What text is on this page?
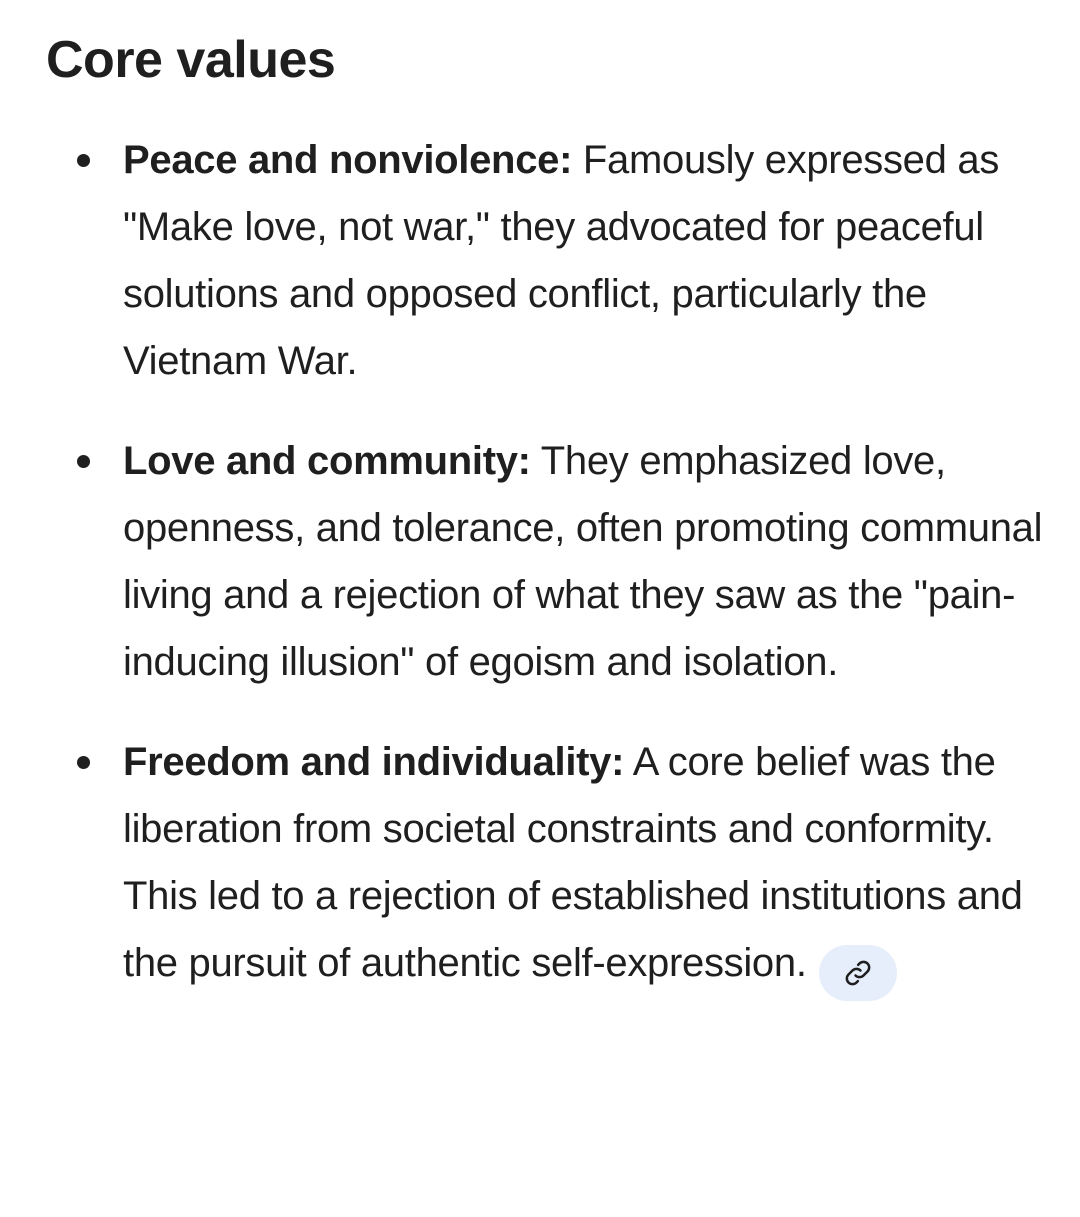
Core values
Peace and nonviolence: Famously expressed as "Make love, not war," they advocated for peaceful solutions and opposed conflict, particularly the Vietnam War.
Love and community: They emphasized love, openness, and tolerance, often promoting communal living and a rejection of what they saw as the "pain-inducing illusion" of egoism and isolation.
Freedom and individuality: A core belief was the liberation from societal constraints and conformity. This led to a rejection of established institutions and the pursuit of authentic self-expression.
